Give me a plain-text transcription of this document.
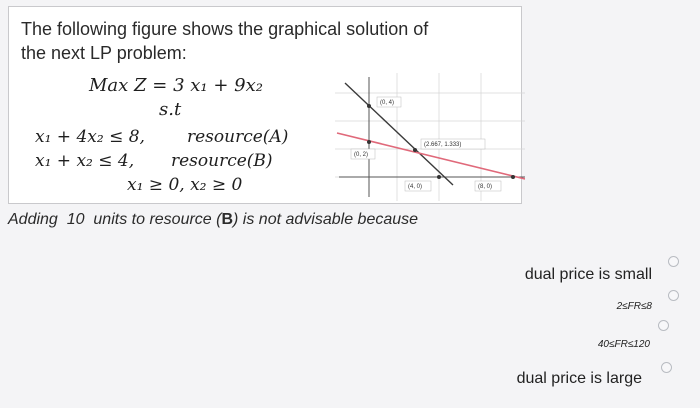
The following figure shows the graphical solution of
the next LP problem:
Max Z = 3 x₁ + 9x₂
s.t
x₁ + 4x₂ ≤ 8, resource(A)
x₁ + x₂ ≤ 4, resource(B)
x₁ ≥ 0, x₂ ≥ 0
(0, 4)
(0, 2)
(2.667, 1.333)
(4, 0)	(8, 0)
Adding 10 units to resource (B) is not advisable because
dual price is small
2≤FR≤8
40≤FR≤120
dual price is large
